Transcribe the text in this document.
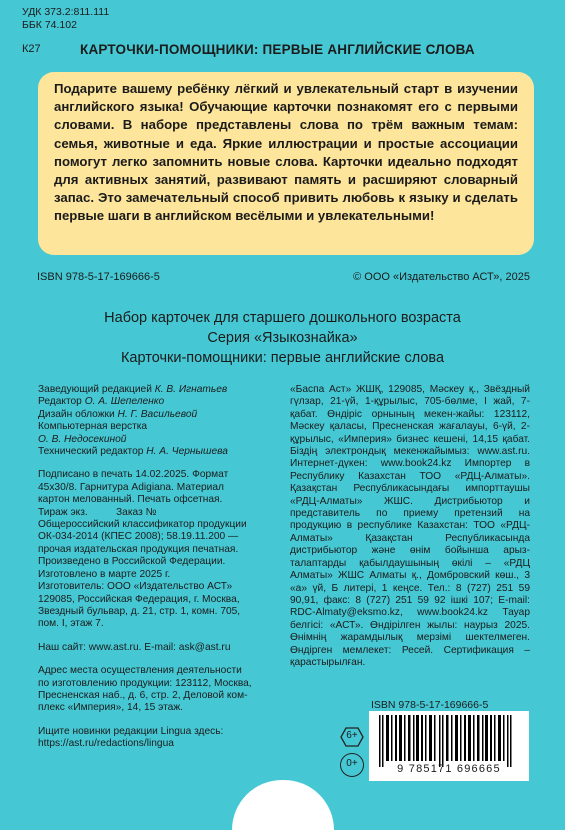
УДК 373.2:811.111
ББК 74.102
К27	КАРТОЧКИ-ПОМОЩНИКИ: ПЕРВЫЕ АНГЛИЙСКИЕ СЛОВА

Подарите вашему ребёнку лёгкий и увлекательный старт в изучении английского языка! Обучающие карточки познакомят его с первыми словами. В наборе представлены слова по трём важным темам: семья, животные и еда. Яркие иллюстрации и простые ассоциации помогут легко запомнить новые слова. Карточки идеально подходят для активных занятий, развивают память и расширяют словарный запас. Это замечательный способ привить любовь к языку и сделать первые шаги в английском весёлыми и увлекательными!

ISBN 978-5-17-169666-5	© ООО «Издательство АСТ», 2025
Набор карточек для старшего дошкольного возраста
Серия «Языкознайка»
Карточки-помощники: первые английские слова
Заведующий редакцией К. В. Игнатьев
Редактор О. А. Шепеленко
Дизайн обложки Н. Г. Васильевой
Компьютерная верстка
О. В. Недосекиной
Технический редактор Н. А. Чернышева
Подписано в печать 14.02.2025. Формат
45х30/8. Гарнитура Adigiana. Материал
картон мелованный. Печать офсетная.
Тираж экз.          Заказ №
Общероссийский классификатор продукции
ОК-034-2014 (КПЕС 2008); 58.19.11.200 —
прочая издательская продукция печатная.
Произведено в Российской Федерации.
Изготовлено в марте 2025 г.
Изготовитель: ООО «Издательство АСТ»
129085, Российская Федерация, г. Москва,
Звездный бульвар, д. 21, стр. 1, комн. 705,
пом. I, этаж 7.
Наш сайт: www.ast.ru. E-mail: ask@ast.ru
Адрес места осуществления деятельности
по изготовлению продукции: 123112, Москва,
Пресненская наб., д. 6, стр. 2, Деловой ком-
плекс «Империя», 14, 15 этаж.
Ищите новинки редакции Lingua здесь:
https://ast.ru/redactions/lingua
«Баспа Аст» ЖШҚ, 129085, Мәскеу қ., Звёздный гүлзар, 21-үй, 1-құрылыс, 705-бөлме, I жай, 7-қабат. Өндіріс орнының мекен-жайы: 123112, Мәскеу қаласы, Пресненская жағалауы, 6-үй, 2-құрылыс, «Империя» бизнес кешені, 14,15 қабат. Біздің электрондық мекенжайымыз: www.ast.ru. Интернет-дүкен: www.book24.kz Импортер в Республику Казахстан ТОО «РДЦ-Алматы». Қазақстан Республикасындағы импорттаушы «РДЦ-Алматы» ЖШС. Дистрибьютор и представитель по приему претензий на продукцию в республике Казахстан: ТОО «РДЦ-Алматы» Қазақстан Республикасында дистрибьютор және өнім бойынша арыз-талаптарды қабылдаушының өкілі – «РДЦ Алматы» ЖШС Алматы қ., Домбровский көш., 3 «а» үй, Б литері, 1 кеңсе. Тел.: 8 (727) 251 59 90,91, факс: 8 (727) 251 59 92 ішкі 107; E-mail: RDC-Almaty@eksmo.kz, www.book24.kz Тауар белгісі: «АСТ». Өндірілген жылы: наурыз 2025. Өнімнің жарамдылық мерзімі шектелмеген. Өндірген мемлекет: Ресей. Сертификация – қарастырылған.
ISBN 978-5-17-169666-5
9 785171 696665
6+
0+
